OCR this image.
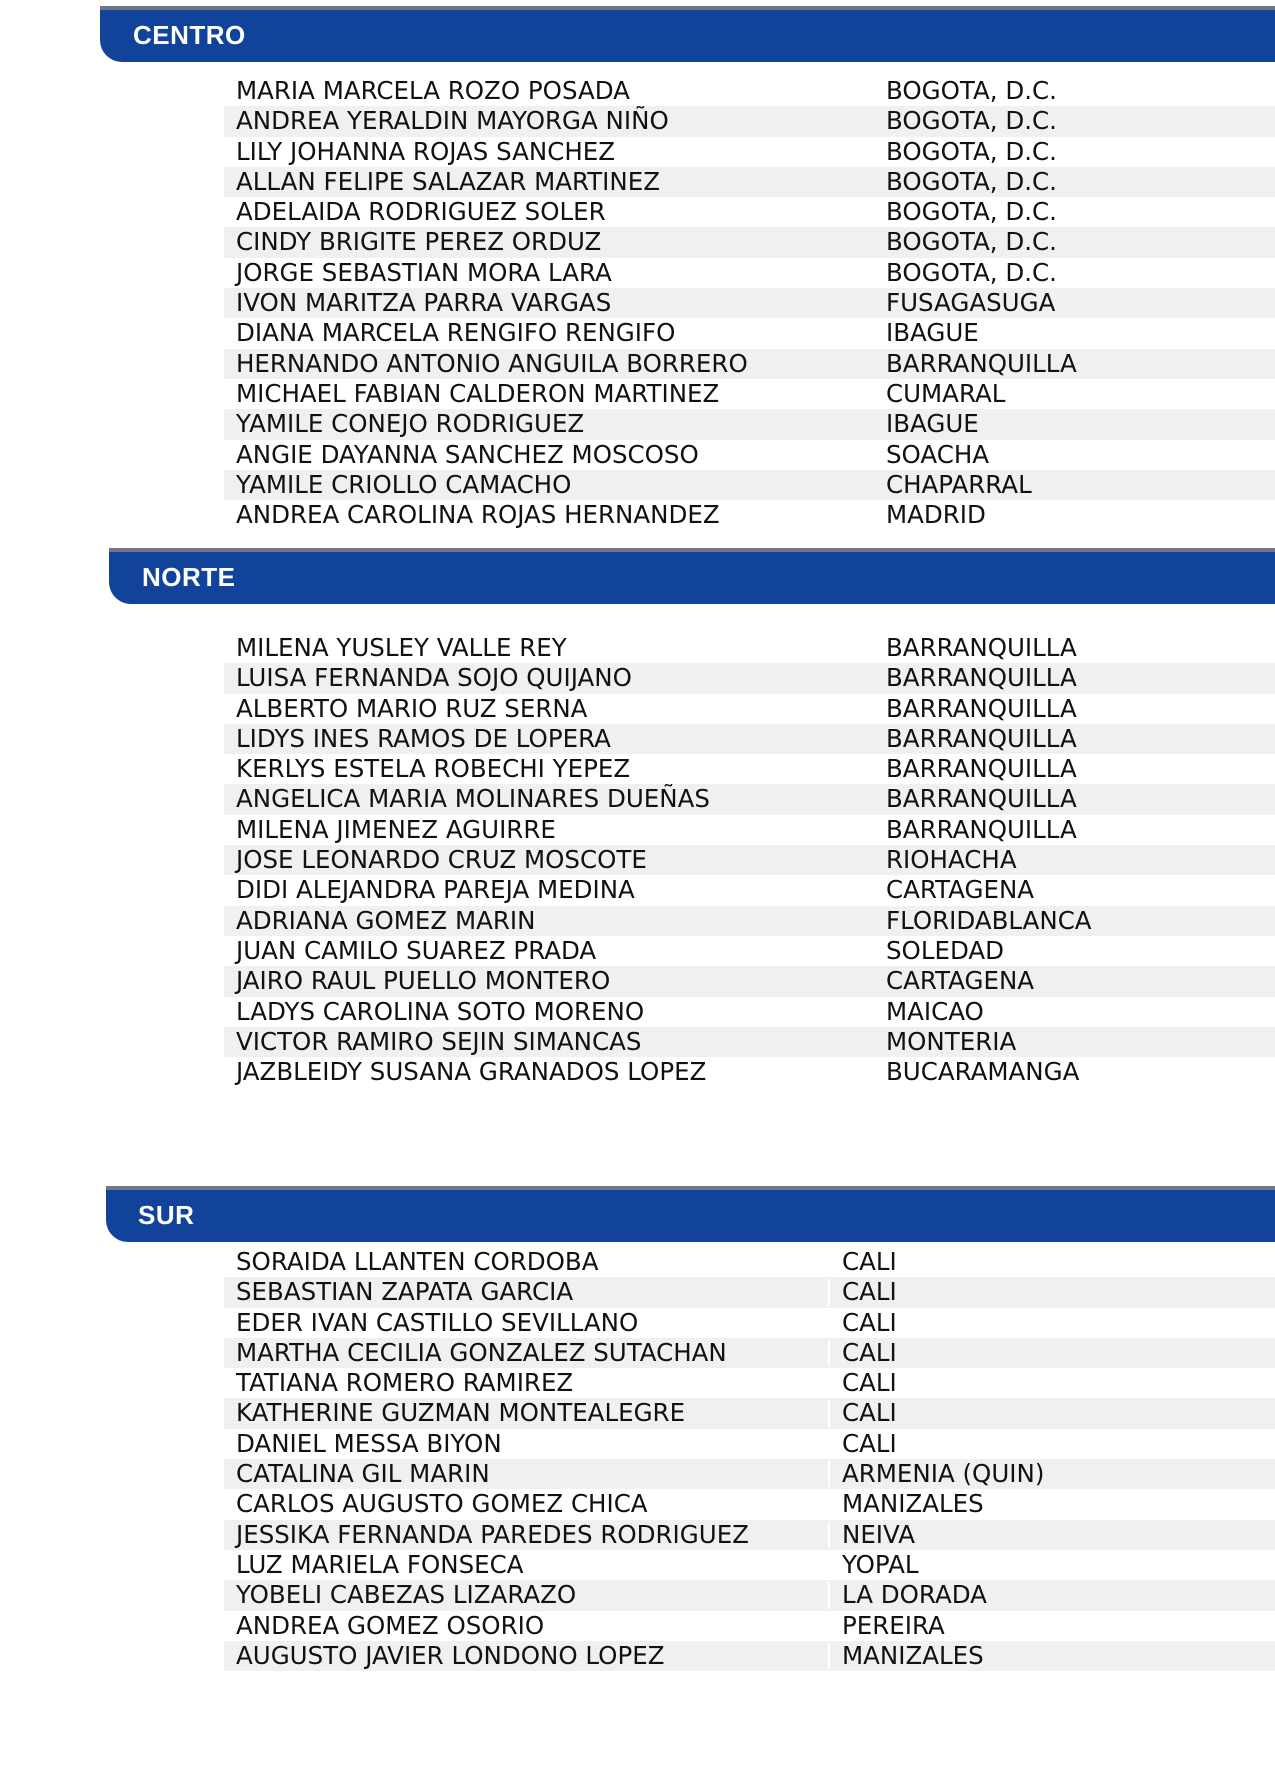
CENTRO
MARIA MARCELA ROZO POSADA	BOGOTA, D.C.
ANDREA YERALDIN MAYORGA NIÑO	BOGOTA, D.C.
LILY JOHANNA ROJAS SANCHEZ	BOGOTA, D.C.
ALLAN FELIPE SALAZAR MARTINEZ	BOGOTA, D.C.
ADELAIDA RODRIGUEZ SOLER	BOGOTA, D.C.
CINDY BRIGITE PEREZ ORDUZ	BOGOTA, D.C.
JORGE SEBASTIAN MORA LARA	BOGOTA, D.C.
IVON MARITZA PARRA VARGAS	FUSAGASUGA
DIANA MARCELA RENGIFO RENGIFO	IBAGUE
HERNANDO ANTONIO ANGUILA BORRERO	BARRANQUILLA
MICHAEL FABIAN CALDERON MARTINEZ	CUMARAL
YAMILE CONEJO RODRIGUEZ	IBAGUE
ANGIE DAYANNA SANCHEZ MOSCOSO	SOACHA
YAMILE CRIOLLO CAMACHO	CHAPARRAL
ANDREA CAROLINA ROJAS HERNANDEZ	MADRID
NORTE
MILENA YUSLEY VALLE REY	BARRANQUILLA
LUISA FERNANDA SOJO QUIJANO	BARRANQUILLA
ALBERTO MARIO RUZ SERNA	BARRANQUILLA
LIDYS INES RAMOS DE LOPERA	BARRANQUILLA
KERLYS ESTELA ROBECHI YEPEZ	BARRANQUILLA
ANGELICA MARIA MOLINARES DUEÑAS	BARRANQUILLA
MILENA JIMENEZ AGUIRRE	BARRANQUILLA
JOSE LEONARDO CRUZ MOSCOTE	RIOHACHA
DIDI ALEJANDRA PAREJA MEDINA	CARTAGENA
ADRIANA GOMEZ MARIN	FLORIDABLANCA
JUAN CAMILO SUAREZ PRADA	SOLEDAD
JAIRO RAUL PUELLO MONTERO	CARTAGENA
LADYS CAROLINA SOTO MORENO	MAICAO
VICTOR RAMIRO SEJIN SIMANCAS	MONTERIA
JAZBLEIDY SUSANA GRANADOS LOPEZ	BUCARAMANGA
SUR
SORAIDA LLANTEN CORDOBA	CALI
SEBASTIAN ZAPATA GARCIA	CALI
EDER IVAN CASTILLO SEVILLANO	CALI
MARTHA CECILIA GONZALEZ SUTACHAN	CALI
TATIANA ROMERO RAMIREZ	CALI
KATHERINE GUZMAN MONTEALEGRE	CALI
DANIEL MESSA BIYON	CALI
CATALINA GIL MARIN	ARMENIA (QUIN)
CARLOS AUGUSTO GOMEZ CHICA	MANIZALES
JESSIKA FERNANDA PAREDES RODRIGUEZ	NEIVA
LUZ MARIELA FONSECA	YOPAL
YOBELI CABEZAS LIZARAZO	LA DORADA
ANDREA GOMEZ OSORIO	PEREIRA
AUGUSTO JAVIER LONDONO LOPEZ	MANIZALES
